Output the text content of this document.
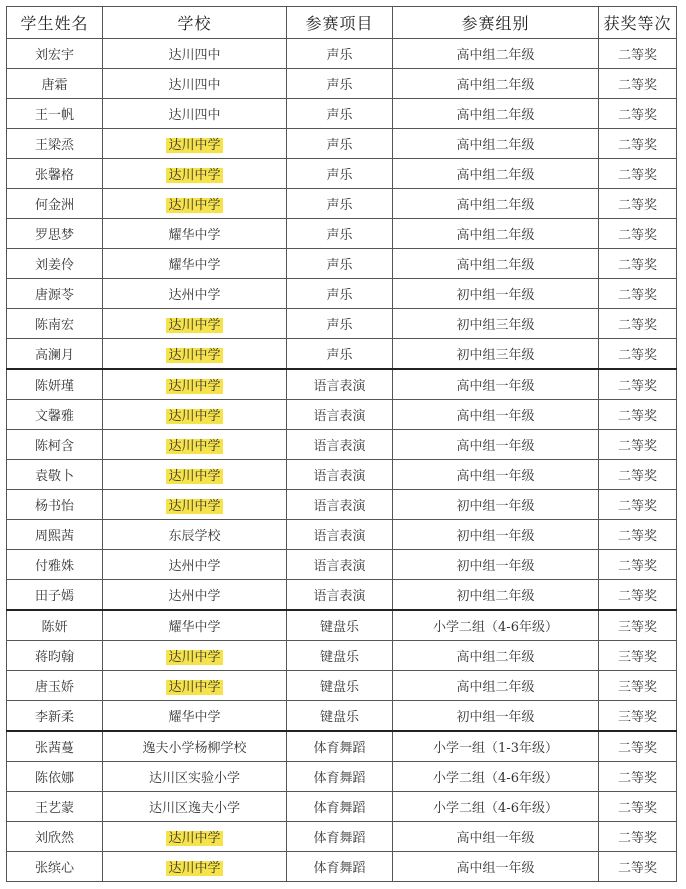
学生姓名	学校	参赛项目	参赛组别	获奖等次
刘宏宇	达川四中	声乐	高中组二年级	二等奖
唐霜	达川四中	声乐	高中组二年级	二等奖
王一帆	达川四中	声乐	高中组二年级	二等奖
王梁烝	达川中学	声乐	高中组二年级	二等奖
张馨格	达川中学	声乐	高中组二年级	二等奖
何金洲	达川中学	声乐	高中组二年级	二等奖
罗思梦	耀华中学	声乐	高中组二年级	二等奖
刘姜伶	耀华中学	声乐	高中组二年级	二等奖
唐源苓	达州中学	声乐	初中组一年级	二等奖
陈南宏	达川中学	声乐	初中组三年级	二等奖
高澜月	达川中学	声乐	初中组三年级	二等奖
陈妍瑾	达川中学	语言表演	高中组一年级	二等奖
文馨雅	达川中学	语言表演	高中组一年级	二等奖
陈柯含	达川中学	语言表演	高中组一年级	二等奖
袁敬卜	达川中学	语言表演	高中组一年级	二等奖
杨书怡	达川中学	语言表演	初中组一年级	二等奖
周熙茜	东辰学校	语言表演	初中组一年级	二等奖
付雅姝	达州中学	语言表演	初中组一年级	二等奖
田子嫣	达州中学	语言表演	初中组二年级	二等奖
陈妍	耀华中学	键盘乐	小学二组（4-6年级）	三等奖
蒋昀翰	达川中学	键盘乐	高中组二年级	三等奖
唐玉娇	达川中学	键盘乐	高中组二年级	三等奖
李新柔	耀华中学	键盘乐	初中组一年级	三等奖
张茜蔓	逸夫小学杨柳学校	体育舞蹈	小学一组（1-3年级）	二等奖
陈依娜	达川区实验小学	体育舞蹈	小学二组（4-6年级）	二等奖
王艺蒙	达川区逸夫小学	体育舞蹈	小学二组（4-6年级）	二等奖
刘欣然	达川中学	体育舞蹈	高中组一年级	二等奖
张缤心	达川中学	体育舞蹈	高中组一年级	二等奖
